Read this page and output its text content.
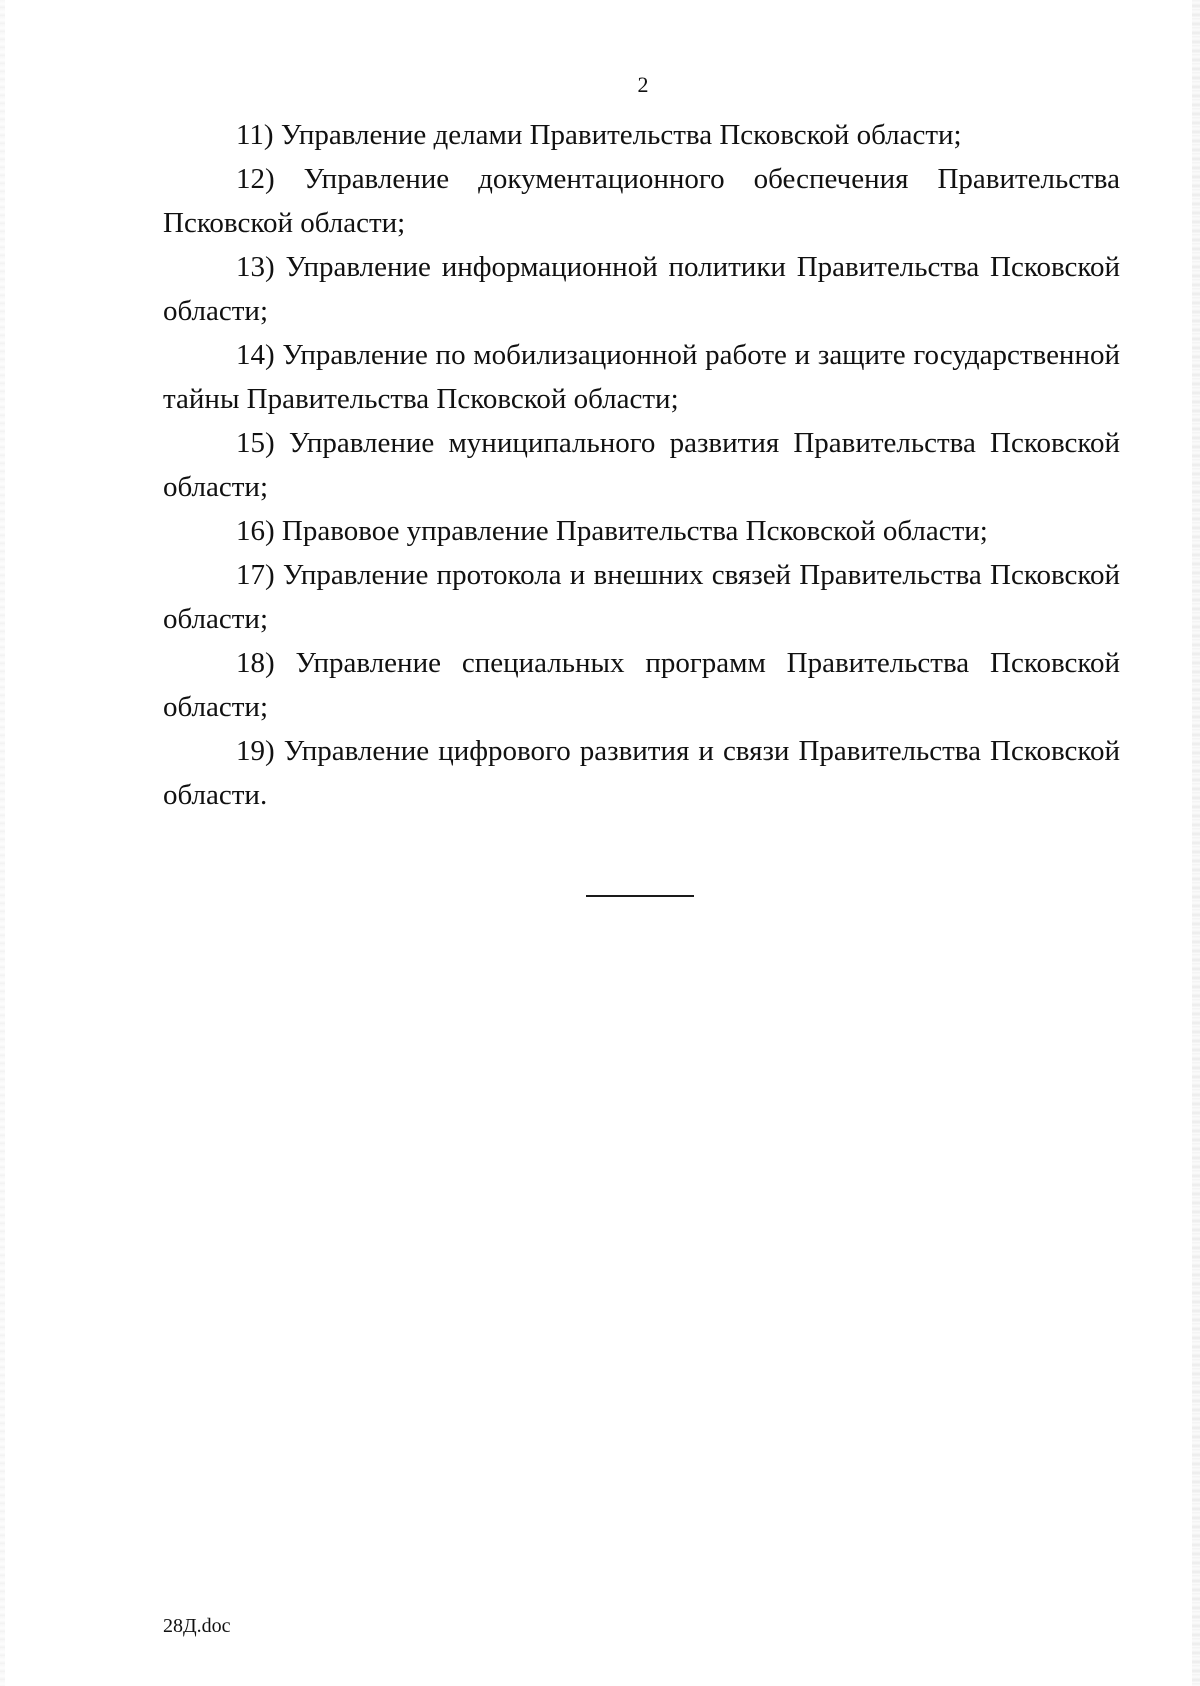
2

11) Управление делами Правительства Псковской области;

12) Управление документационного обеспечения Правительства Псковской области;

13) Управление информационной политики Правительства Псковской области;

14) Управление по мобилизационной работе и защите государственной тайны Правительства Псковской области;

15) Управление муниципального развития Правительства Псковской области;

16) Правовое управление Правительства Псковской области;

17) Управление протокола и внешних связей Правительства Псковской области;

18) Управление специальных программ Правительства Псковской области;

19) Управление цифрового развития и связи Правительства Псковской области.

28Д.doc
